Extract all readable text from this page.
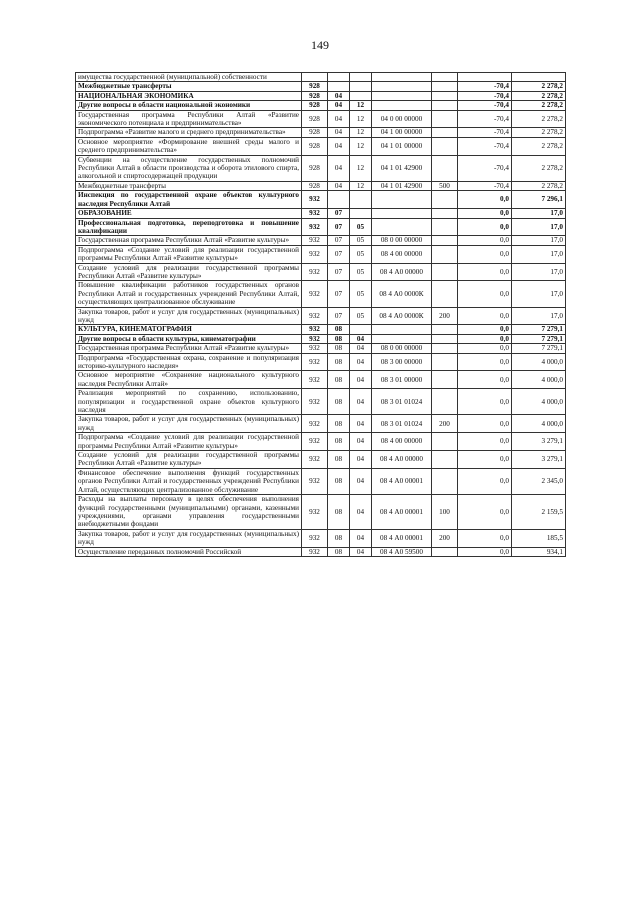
149
имущества государственной (муниципальной) собственности							
Межбюджетные трансферты	928					-70,4	2 278,2
НАЦИОНАЛЬНАЯ ЭКОНОМИКА	928	04				-70,4	2 278,2
Другие вопросы в области национальной экономики	928	04	12			-70,4	2 278,2
Государственная программа Республики Алтай «Развитие экономического потенциала и предпринимательства»	928	04	12	04 0 00 00000		-70,4	2 278,2
Подпрограмма «Развитие малого и среднего предпринимательства»	928	04	12	04 1 00 00000		-70,4	2 278,2
Основное мероприятие «Формирование внешней среды малого и среднего предпринимательства»	928	04	12	04 1 01 00000		-70,4	2 278,2
Субвенции на осуществление государственных полномочий Республики Алтай в области производства и оборота этилового спирта, алкогольной и спиртосодержащей продукции	928	04	12	04 1 01 42900		-70,4	2 278,2
Межбюджетные трансферты	928	04	12	04 1 01 42900	500	-70,4	2 278,2
Инспекция по государственной охране объектов культурного наследия Республики Алтай	932					0,0	7 296,1
ОБРАЗОВАНИЕ	932	07				0,0	17,0
Профессиональная подготовка, переподготовка и повышение квалификации	932	07	05			0,0	17,0
Государственная программа Республики Алтай «Развитие культуры»	932	07	05	08 0 00 00000		0,0	17,0
Подпрограмма «Создание условий для реализации государственной программы Республики Алтай «Развитие культуры»	932	07	05	08 4 00 00000		0,0	17,0
Создание условий для реализации государственной программы Республики Алтай «Развитие культуры»	932	07	05	08 4 А0 00000		0,0	17,0
Повышение квалификации работников государственных органов Республики Алтай и государственных учреждений Республики Алтай, осуществляющих централизованное обслуживание	932	07	05	08 4 А0 0000К		0,0	17,0
Закупка товаров, работ и услуг для государственных (муниципальных) нужд	932	07	05	08 4 А0 0000К	200	0,0	17,0
КУЛЬТУРА, КИНЕМАТОГРАФИЯ	932	08				0,0	7 279,1
Другие вопросы в области культуры, кинематографии	932	08	04			0,0	7 279,1
Государственная программа Республики Алтай «Развитие культуры»	932	08	04	08 0 00 00000		0,0	7 279,1
Подпрограмма «Государственная охрана, сохранение и популяризация историко-культурного наследия»	932	08	04	08 3 00 00000		0,0	4 000,0
Основное мероприятие «Сохранение национального культурного наследия Республики Алтай»	932	08	04	08 3 01 00000		0,0	4 000,0
Реализация мероприятий по сохранению, использованию, популяризации и государственной охране объектов культурного наследия	932	08	04	08 3 01 01024		0,0	4 000,0
Закупка товаров, работ и услуг для государственных (муниципальных) нужд	932	08	04	08 3 01 01024	200	0,0	4 000,0
Подпрограмма «Создание условий для реализации государственной программы Республики Алтай «Развитие культуры»	932	08	04	08 4 00 00000		0,0	3 279,1
Создание условий для реализации государственной программы Республики Алтай «Развитие культуры»	932	08	04	08 4 А0 00000		0,0	3 279,1
Финансовое обеспечение выполнения функций государственных органов Республики Алтай и государственных учреждений Республики Алтай, осуществляющих централизованное обслуживание	932	08	04	08 4 А0 00001		0,0	2 345,0
Расходы на выплаты персоналу в целях обеспечения выполнения функций государственными (муниципальными) органами, казенными учреждениями, органами управления государственными внебюджетными фондами	932	08	04	08 4 А0 00001	100	0,0	2 159,5
Закупка товаров, работ и услуг для государственных (муниципальных) нужд	932	08	04	08 4 А0 00001	200	0,0	185,5
Осуществление переданных полномочий Российской	932	08	04	08 4 А0 59500		0,0	934,1
